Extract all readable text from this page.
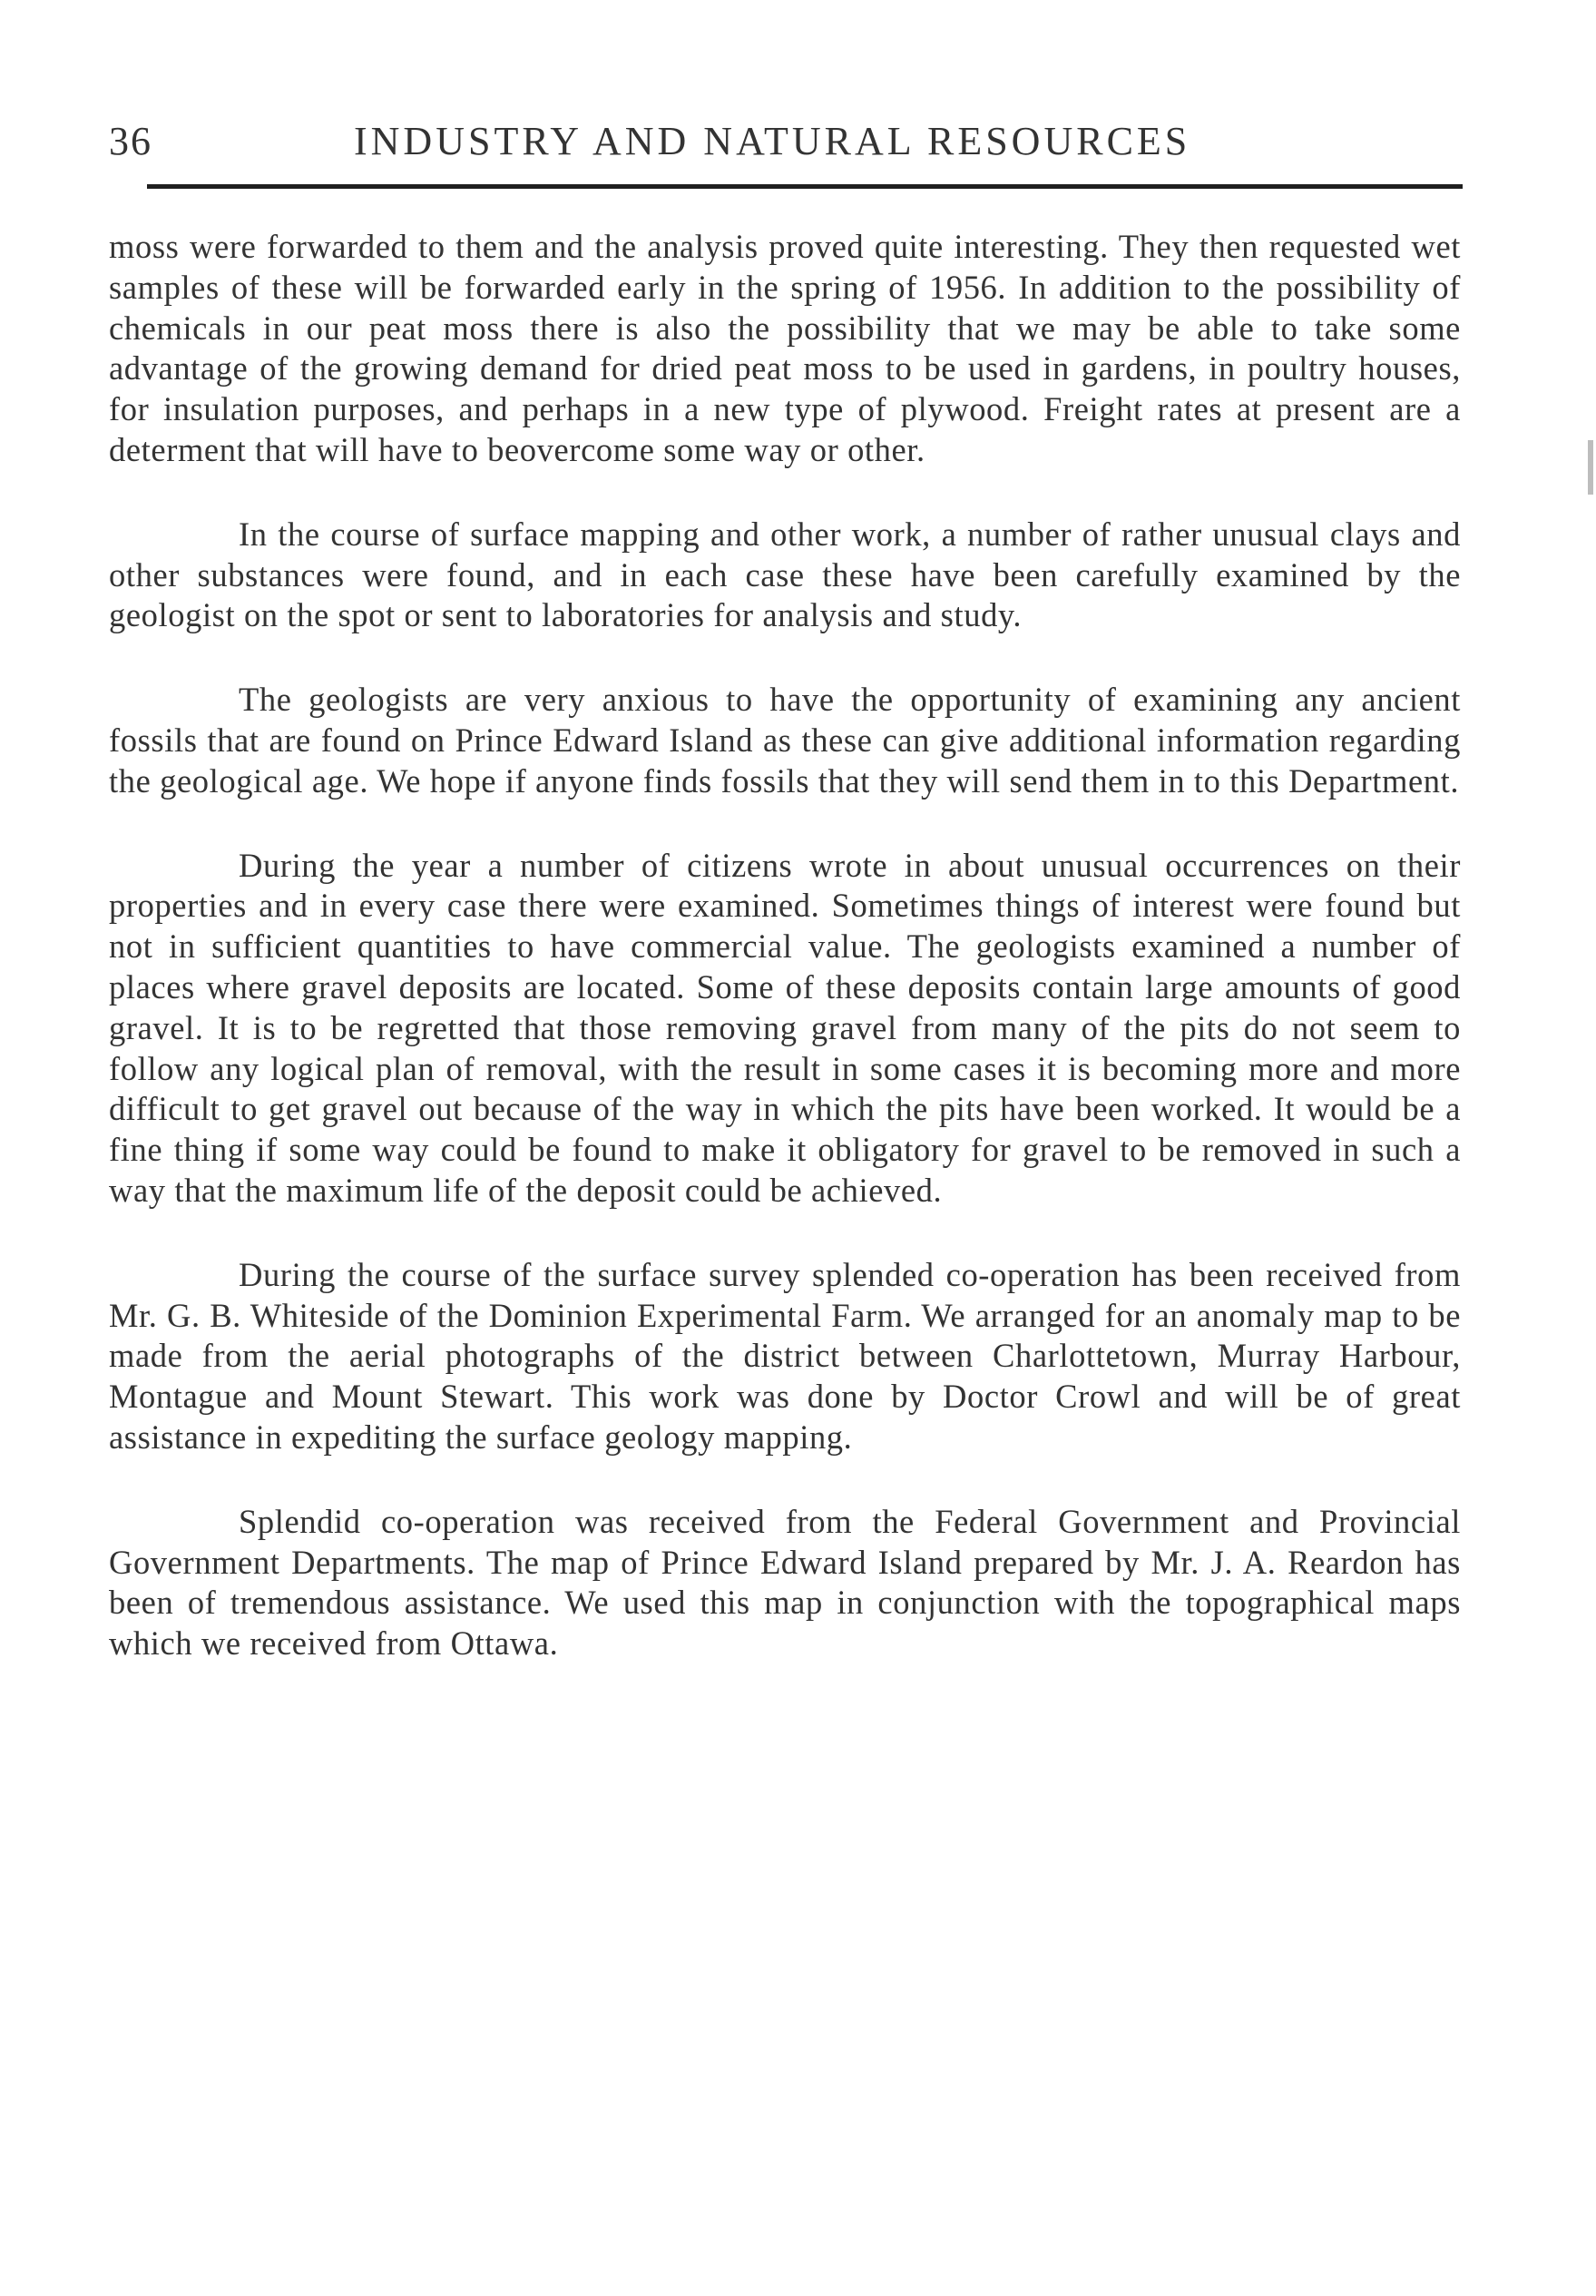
36	INDUSTRY AND NATURAL RESOURCES

moss were forwarded to them and the analysis proved quite interesting. They then requested wet samples of these will be forwarded early in the spring of 1956. In addition to the possibility of chemicals in our peat moss there is also the possibility that we may be able to take some advantage of the growing demand for dried peat moss to be used in gardens, in poultry houses, for insulation purposes, and perhaps in a new type of plywood. Freight rates at present are a determent that will have to beovercome some way or other.

In the course of surface mapping and other work, a number of rather unusual clays and other substances were found, and in each case these have been carefully examined by the geologist on the spot or sent to laboratories for analysis and study.

The geologists are very anxious to have the opportunity of examining any ancient fossils that are found on Prince Edward Island as these can give additional information regarding the geological age. We hope if anyone finds fossils that they will send them in to this Department.

During the year a number of citizens wrote in about unusual occurrences on their properties and in every case there were examined. Sometimes things of interest were found but not in sufficient quantities to have commercial value. The geologists examined a number of places where gravel deposits are located. Some of these deposits contain large amounts of good gravel. It is to be regretted that those removing gravel from many of the pits do not seem to follow any logical plan of removal, with the result in some cases it is becoming more and more difficult to get gravel out because of the way in which the pits have been worked. It would be a fine thing if some way could be found to make it obligatory for gravel to be removed in such a way that the maximum life of the deposit could be achieved.

During the course of the surface survey splended co-operation has been received from Mr. G. B. Whiteside of the Dominion Experimental Farm. We arranged for an anomaly map to be made from the aerial photographs of the district between Charlottetown, Murray Harbour, Montague and Mount Stewart. This work was done by Doctor Crowl and will be of great assistance in expediting the surface geology mapping.

Splendid co-operation was received from the Federal Government and Provincial Government Departments. The map of Prince Edward Island prepared by Mr. J. A. Reardon has been of tremendous assistance. We used this map in conjunction with the topographical maps which we received from Ottawa.
